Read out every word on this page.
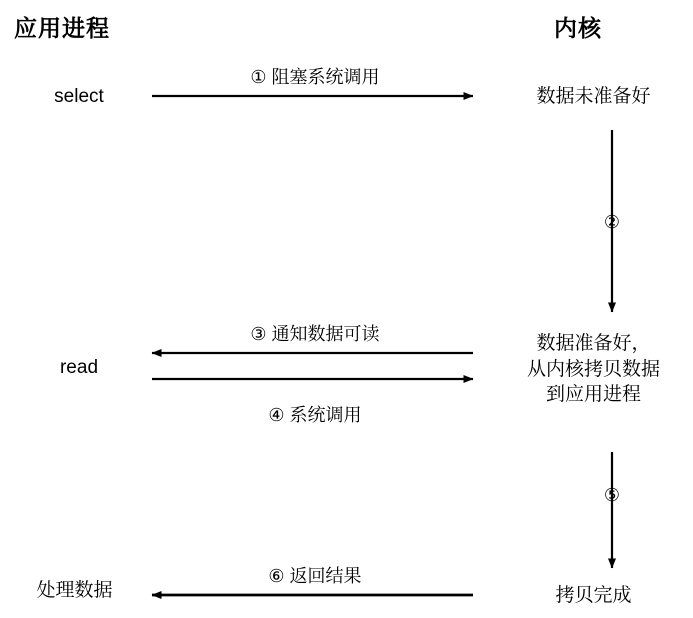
应用进程	内核
select
read
处理数据
数据未准备好
数据准备好，
从内核拷贝数据
到应用进程
拷贝完成
① 阻塞系统调用
②
③ 通知数据可读
④ 系统调用
⑤
⑥ 返回结果
